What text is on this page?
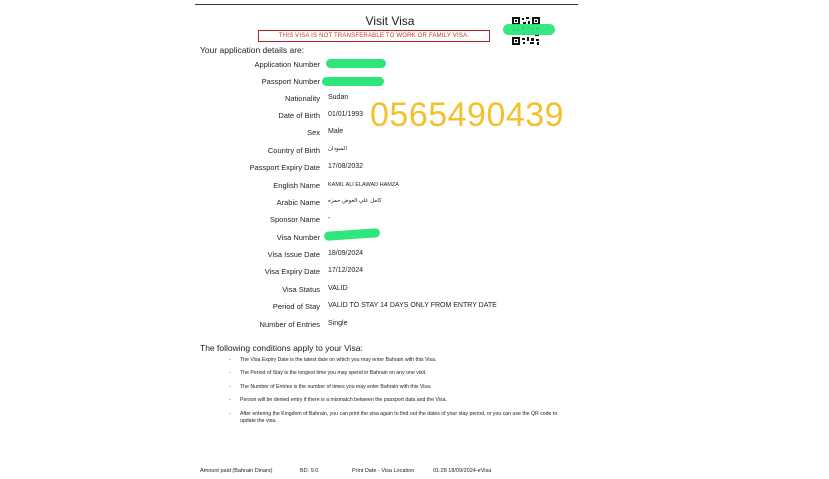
Visit Visa
THIS VISA IS NOT TRANSFERABLE TO WORK OR FAMILY VISA.
Your application details are:
Application Number
Passport Number
Nationality Sudan
Date of Birth 01/01/1993
Sex Male
Country of Birth السودان
Passport Expiry Date 17/08/2032
English Name KAMIL ALI ELAWAD HAMZA
Arabic Name كامل علي العوض حمزه
Sponsor Name -
Visa Number
Visa Issue Date 18/09/2024
Visa Expiry Date 17/12/2024
Visa Status VALID
Period of Stay VALID TO STAY 14 DAYS ONLY FROM ENTRY DATE
Number of Entries Single
0565490439
The following conditions apply to your Visa:
- The Visa Expiry Date is the latest date on which you may enter Bahrain with this Visa.
- The Period of Stay is the longest time you may spend in Bahrain on any one visit.
- The Number of Entries is the number of times you may enter Bahrain with this Visa.
- Person will be denied entry if there is a mismatch between the passport data and the Visa.
- After entering the Kingdom of Bahrain, you can print the visa again to find out the dates of your stay period, or you can use the QR code to update the visa.
Amount paid (Bahrain Dinars)	BD. 9.0	Print Date - Visa Location	01:28 18/09/2024-eVisa
